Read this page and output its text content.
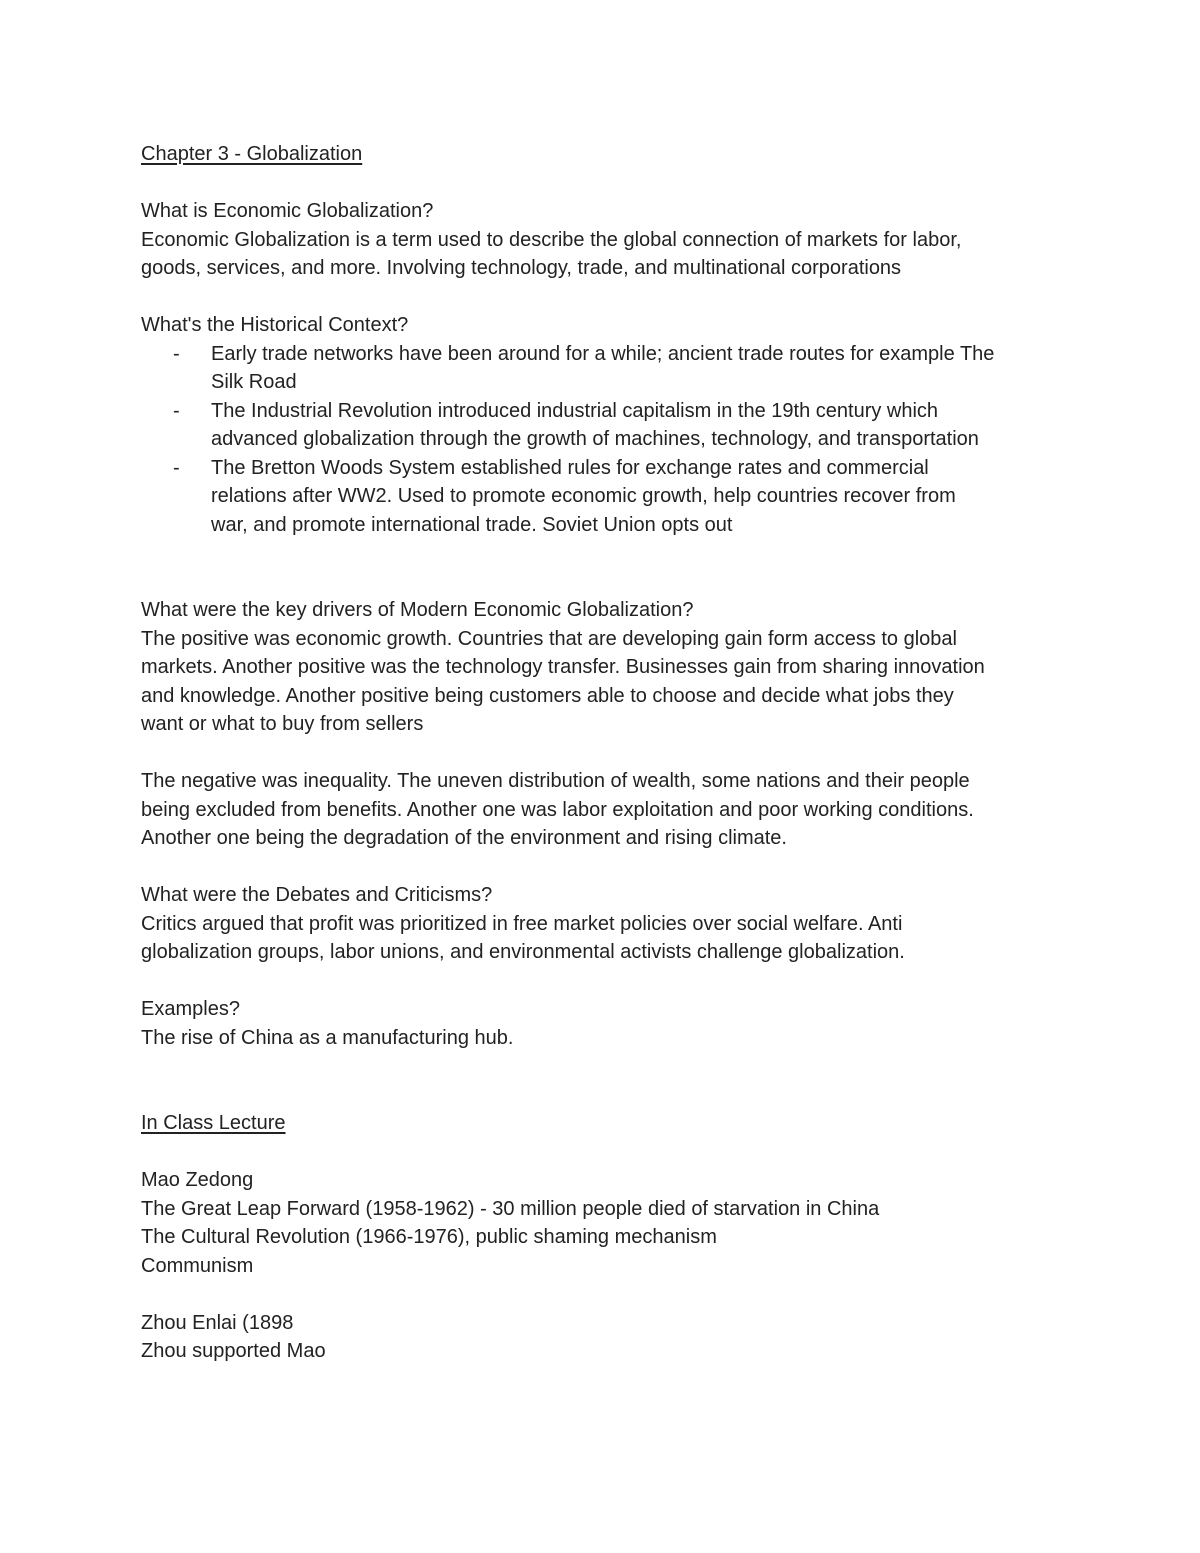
Chapter 3 - Globalization

What is Economic Globalization?

Economic Globalization is a term used to describe the global connection of markets for labor,

goods, services, and more. Involving technology, trade, and multinational corporations

What's the Historical Context?

- Early trade networks have been around for a while; ancient trade routes for example The
Silk Road
- The Industrial Revolution introduced industrial capitalism in the 19th century which
advanced globalization through the growth of machines, technology, and transportation
- The Bretton Woods System established rules for exchange rates and commercial
relations after WW2. Used to promote economic growth, help countries recover from
war, and promote international trade. Soviet Union opts out

What were the key drivers of Modern Economic Globalization?

The positive was economic growth. Countries that are developing gain form access to global

markets. Another positive was the technology transfer. Businesses gain from sharing innovation

and knowledge. Another positive being customers able to choose and decide what jobs they

want or what to buy from sellers

The negative was inequality. The uneven distribution of wealth, some nations and their people

being excluded from benefits. Another one was labor exploitation and poor working conditions.

Another one being the degradation of the environment and rising climate.

What were the Debates and Criticisms?

Critics argued that profit was prioritized in free market policies over social welfare. Anti

globalization groups, labor unions, and environmental activists challenge globalization.

Examples?

The rise of China as a manufacturing hub.

In Class Lecture

Mao Zedong

The Great Leap Forward (1958-1962) - 30 million people died of starvation in China

The Cultural Revolution (1966-1976), public shaming mechanism

Communism

Zhou Enlai (1898

Zhou supported Mao
